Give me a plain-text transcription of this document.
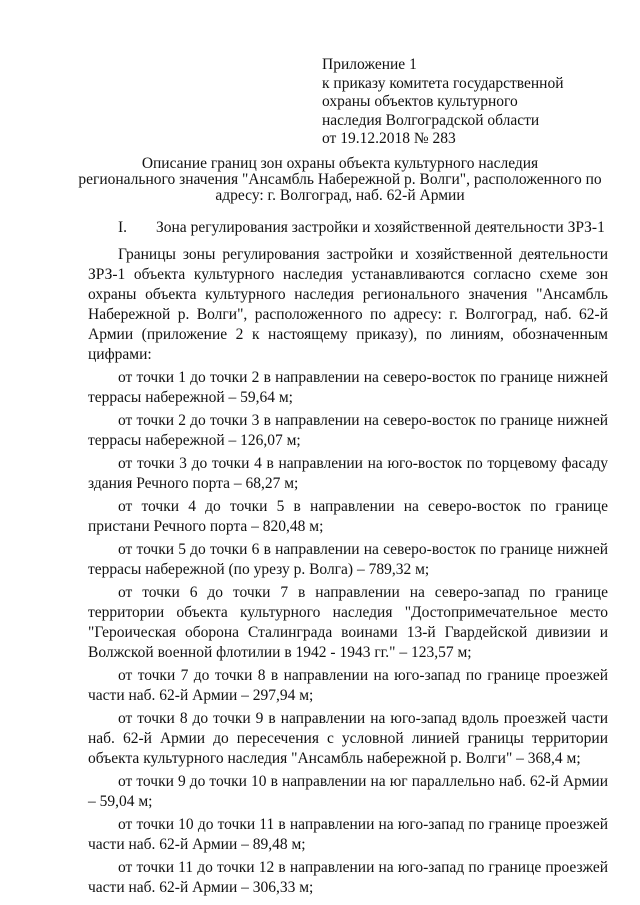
Приложение 1
к приказу комитета государственной
охраны объектов культурного
наследия Волгоградской области
от 19.12.2018 № 283
Описание границ зон охраны объекта культурного наследия
регионального значения "Ансамбль Набережной р. Волги", расположенного по
адресу: г. Волгоград, наб. 62-й Армии
I. Зона регулирования застройки и хозяйственной деятельности ЗРЗ-1

Границы зоны регулирования застройки и хозяйственной деятельности ЗРЗ-1 объекта культурного наследия устанавливаются согласно схеме зон охраны объекта культурного наследия регионального значения "Ансамбль Набережной р. Волги", расположенного по адресу: г. Волгоград, наб. 62-й Армии (приложение 2 к настоящему приказу), по линиям, обозначенным цифрами:

от точки 1 до точки 2 в направлении на северо-восток по границе нижней террасы набережной – 59,64 м;

от точки 2 до точки 3 в направлении на северо-восток по границе нижней террасы набережной – 126,07 м;

от точки 3 до точки 4 в направлении на юго-восток по торцевому фасаду здания Речного порта – 68,27 м;

от точки 4 до точки 5 в направлении на северо-восток по границе пристани Речного порта – 820,48 м;

от точки 5 до точки 6 в направлении на северо-восток по границе нижней террасы набережной (по урезу р. Волга) – 789,32 м;

от точки 6 до точки 7 в направлении на северо-запад по границе территории объекта культурного наследия "Достопримечательное место "Героическая оборона Сталинграда воинами 13-й Гвардейской дивизии и Волжской военной флотилии в 1942 - 1943 гг." – 123,57 м;

от точки 7 до точки 8 в направлении на юго-запад по границе проезжей части наб. 62-й Армии – 297,94 м;

от точки 8 до точки 9 в направлении на юго-запад вдоль проезжей части наб. 62-й Армии до пересечения с условной линией границы территории объекта культурного наследия "Ансамбль набережной р. Волги" – 368,4 м;

от точки 9 до точки 10 в направлении на юг параллельно наб. 62-й Армии – 59,04 м;

от точки 10 до точки 11 в направлении на юго-запад по границе проезжей части наб. 62-й Армии – 89,48 м;

от точки 11 до точки 12 в направлении на юго-запад по границе проезжей части наб. 62-й Армии – 306,33 м;
